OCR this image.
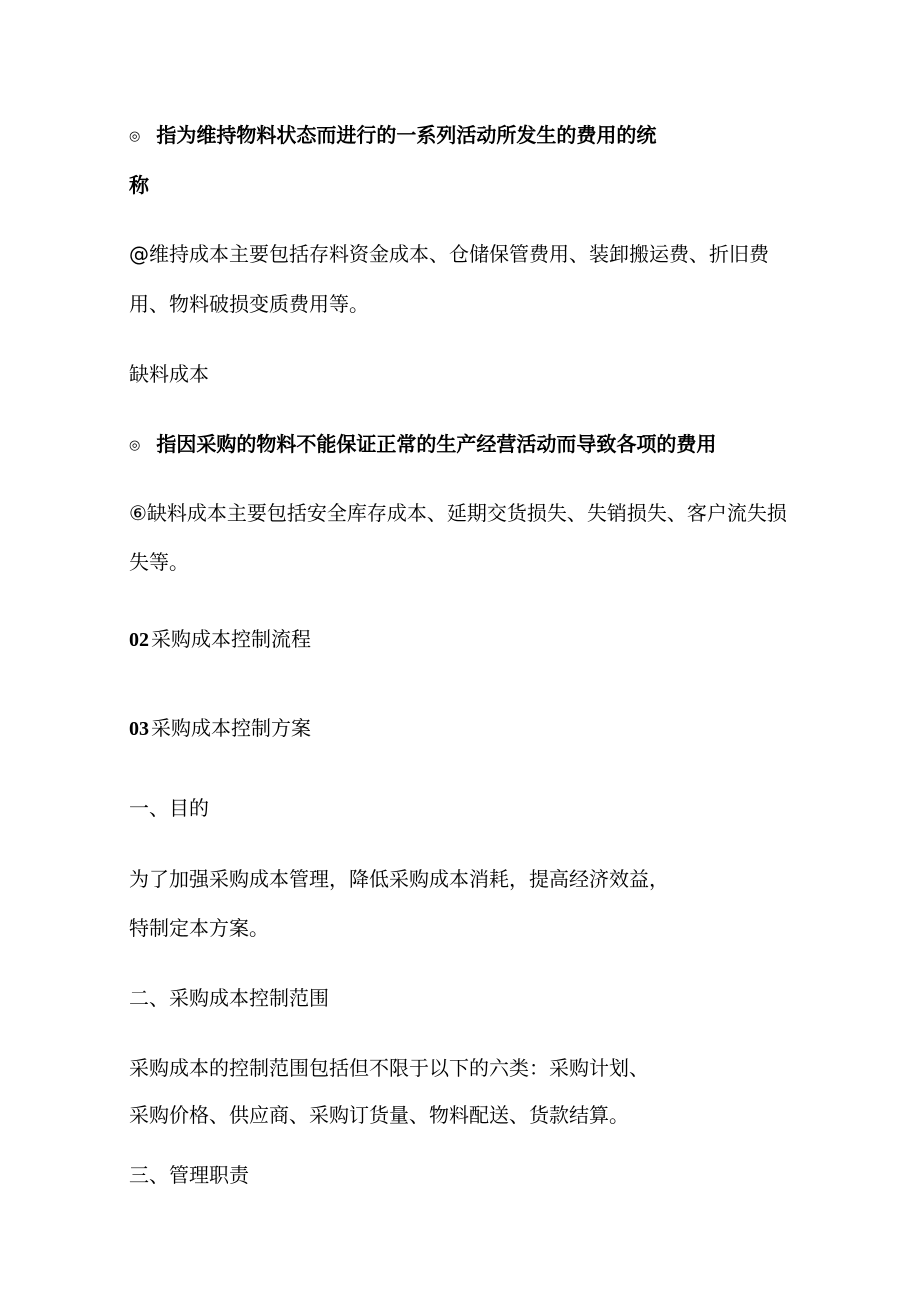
◎ 指为维持物料状态而进行的一系列活动所发生的费用的统

称

@维持成本主要包括存料资金成本、仓储保管费用、装卸搬运费、折旧费

用、物料破损变质费用等。

缺料成本

◎ 指因采购的物料不能保证正常的生产经营活动而导致各项的费用

⑥缺料成本主要包括安全库存成本、延期交货损失、失销损失、客户流失损

失等。

02 采购成本控制流程

03 采购成本控制方案

一、目的

为了加强采购成本管理，降低采购成本消耗，提高经济效益，

特制定本方案。

二、采购成本控制范围

采购成本的控制范围包括但不限于以下的六类：采购计划、

采购价格、供应商、采购订货量、物料配送、货款结算。

三、管理职责
